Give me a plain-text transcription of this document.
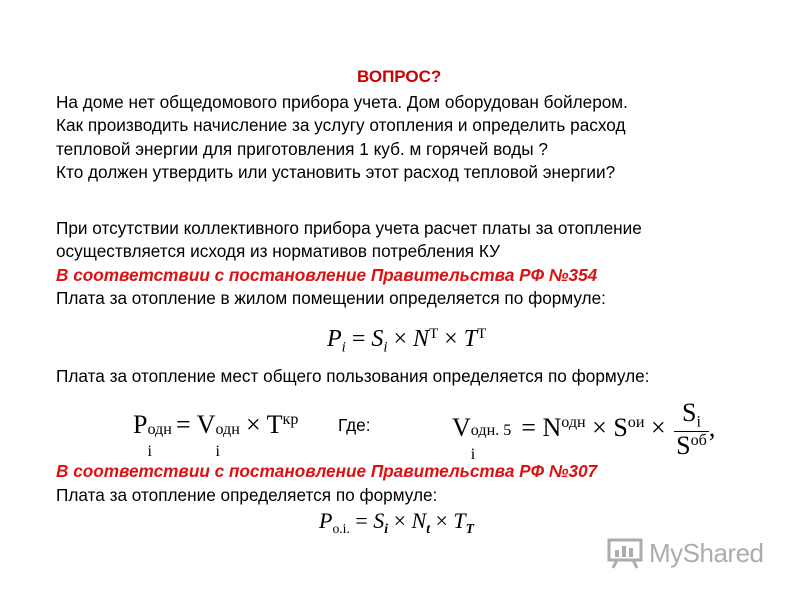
ВОПРОС?
На доме нет общедомового прибора учета. Дом оборудован бойлером.
Как производить начисление за услугу отопления и определить расход
тепловой энергии для приготовления 1 куб. м горячей воды ?
Кто должен утвердить или установить этот расход тепловой энергии?
При отсутствии коллективного прибора учета расчет платы за отопление
осуществляется исходя из нормативов потребления КУ
В соответствии с постановление Правительства РФ №354
Плата за отопление в жилом помещении определяется по формуле:
$P_i = S_i \times N^T \times T^T$
Плата за отопление мест общего пользования определяется по формуле:
P одн
i
= V одн
i
× $T^{кр}$ Где:	V одн. 5
i
= $N^{одн} \times S^{ои} \times \frac{S_i}{S^{об}}$ ,
В соответствии с постановление Правительства РФ №307
Плата за отопление определяется по формуле:
$P_{о.i.} = S_i \times N_t \times T_T$
MyShared
